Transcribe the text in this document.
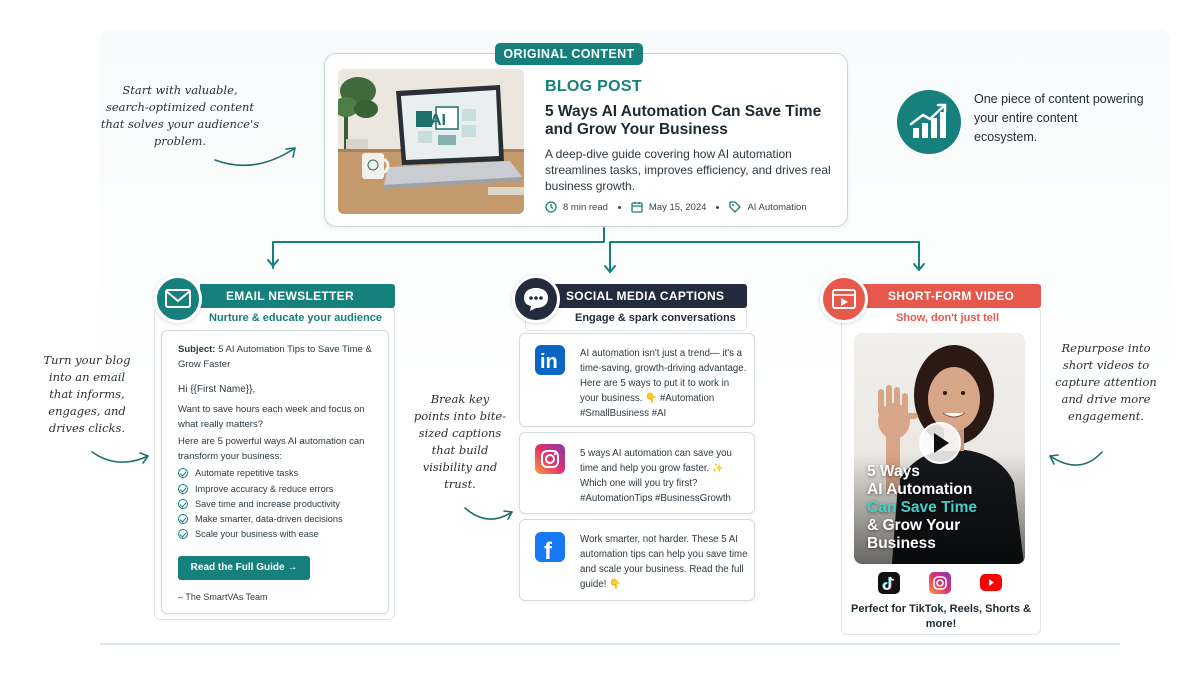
ORIGINAL CONTENT
AI
BLOG POST
5 Ways AI Automation Can Save Time and Grow Your Business
A deep-dive guide covering how AI automation streamlines tasks, improves efficiency, and drives real business growth.
8 min read	May 15, 2024	AI Automation
Start with valuable, search-optimized content that solves your audience's problem.
Turn your blog into an email that informs, engages, and drives clicks.
Break key points into bite-sized captions that build visibility and trust.
Repurpose into short videos to capture attention and drive more engagement.
One piece of content powering your entire content ecosystem.
EMAIL NEWSLETTER
Nurture & educate your audience
Subject: 5 AI Automation Tips to Save Time & Grow Faster
Hi {{First Name}},
Want to save hours each week and focus on what really matters?
Here are 5 powerful ways AI automation can transform your business:
Automate repetitive tasks
Improve accuracy & reduce errors
Save time and increase productivity
Make smarter, data-driven decisions
Scale your business with ease
Read the Full Guide →
– The SmartVAs Team
SOCIAL MEDIA CAPTIONS
Engage & spark conversations
in AI automation isn't just a trend— it's a time-saving, growth-driving advantage. Here are 5 ways to put it to work in your business. 👇 #Automation #SmallBusiness #AI
5 ways AI automation can save you time and help you grow faster. ✨ Which one will you try first? #AutomationTips #BusinessGrowth
f	Work smarter, not harder. These 5 AI automation tips can help you save time and scale your business. Read the full guide! 👇
SHORT-FORM VIDEO
Show, don't just tell
5 Ways
AI Automation
Can Save Time
& Grow Your
Business
Perfect for TikTok, Reels, Shorts & more!
